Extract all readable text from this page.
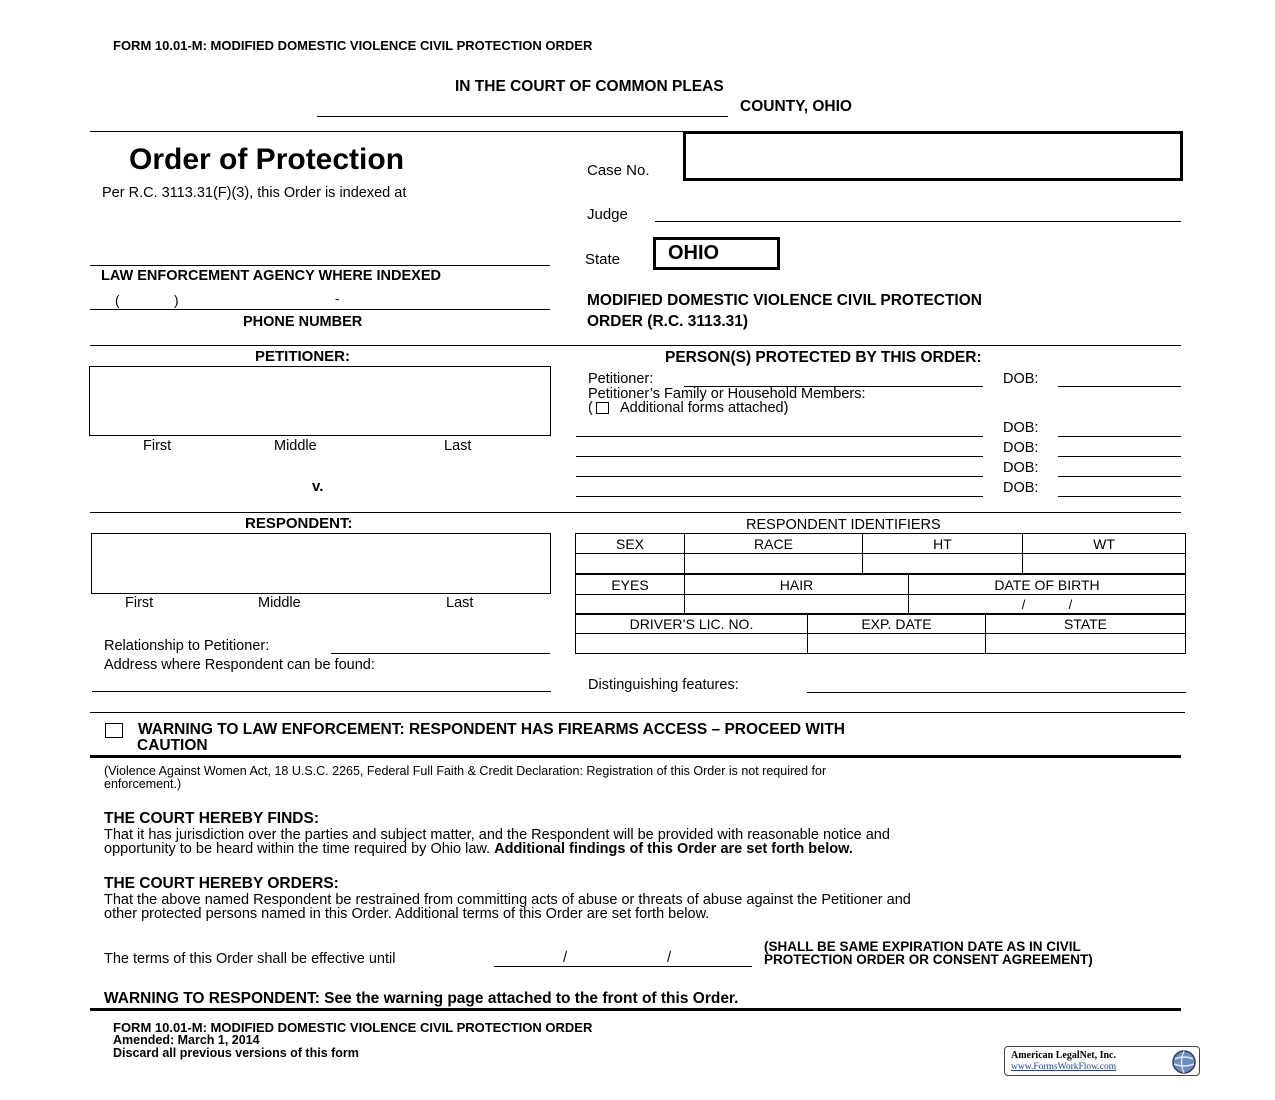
FORM 10.01-M: MODIFIED DOMESTIC VIOLENCE CIVIL PROTECTION ORDER
IN THE COURT OF COMMON PLEAS
COUNTY, OHIO
Order of Protection
Per R.C. 3113.31(F)(3), this Order is indexed at
LAW ENFORCEMENT AGENCY WHERE INDEXED
(	)	-
PHONE NUMBER
Case No.
Judge
State OHIO
MODIFIED DOMESTIC VIOLENCE CIVIL PROTECTION
ORDER (R.C. 3113.31)
PETITIONER:
First	Middle	Last
v.
PERSON(S) PROTECTED BY THIS ORDER:
Petitioner:	DOB:
Petitioner’s Family or Household Members:
( Additional forms attached)
DOB:
DOB:
DOB:
DOB:
RESPONDENT:
First	Middle	Last
Relationship to Petitioner:
Address where Respondent can be found:
RESPONDENT IDENTIFIERS
SEX	RACE	HT	WT

EYES	HAIR	DATE OF BIRTH
		/            /
DRIVER’S LIC. NO.	EXP. DATE	STATE

Distinguishing features:
WARNING TO LAW ENFORCEMENT: RESPONDENT HAS FIREARMS ACCESS – PROCEED WITH
CAUTION
(Violence Against Women Act, 18 U.S.C. 2265, Federal Full Faith & Credit Declaration: Registration of this Order is not required for
enforcement.)
THE COURT HEREBY FINDS:
That it has jurisdiction over the parties and subject matter, and the Respondent will be provided with reasonable notice and
opportunity to be heard within the time required by Ohio law. Additional findings of this Order are set forth below.
THE COURT HEREBY ORDERS:
That the above named Respondent be restrained from committing acts of abuse or threats of abuse against the Petitioner and
other protected persons named in this Order. Additional terms of this Order are set forth below.
The terms of this Order shall be effective until	/	/
(SHALL BE SAME EXPIRATION DATE AS IN CIVIL
PROTECTION ORDER OR CONSENT AGREEMENT)
WARNING TO RESPONDENT: See the warning page attached to the front of this Order.
FORM 10.01-M: MODIFIED DOMESTIC VIOLENCE CIVIL PROTECTION ORDER
Amended: March 1, 2014
Discard all previous versions of this form	American LegalNet, Inc.
www.FormsWorkFlow.com
